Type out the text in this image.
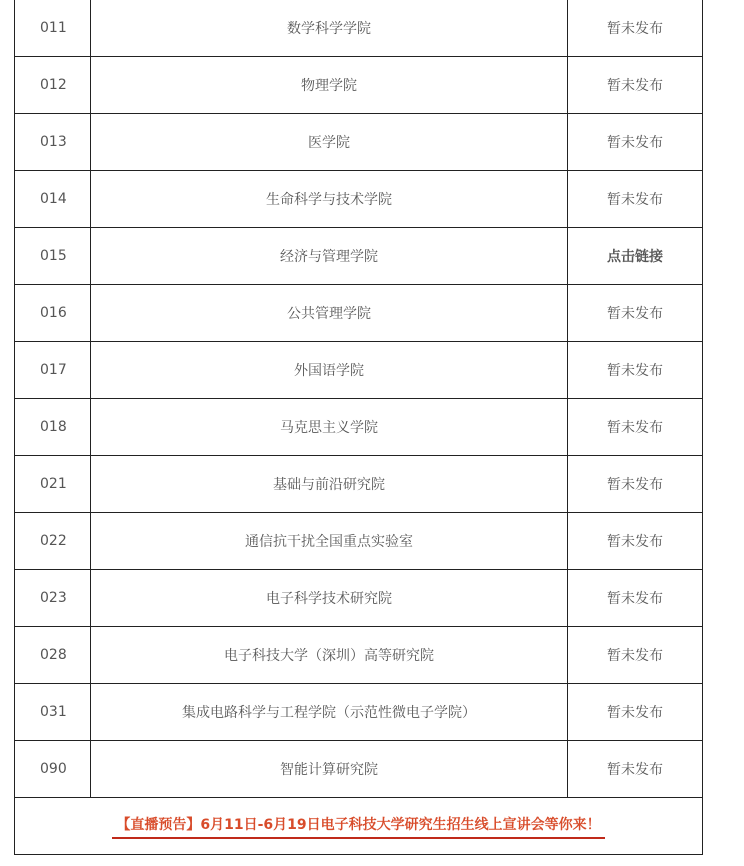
011	数学科学学院	暂未发布
012	物理学院	暂未发布
013	医学院	暂未发布
014	生命科学与技术学院	暂未发布
015	经济与管理学院	点击链接
016	公共管理学院	暂未发布
017	外国语学院	暂未发布
018	马克思主义学院	暂未发布
021	基础与前沿研究院	暂未发布
022	通信抗干扰全国重点实验室	暂未发布
023	电子科学技术研究院	暂未发布
028	电子科技大学（深圳）高等研究院	暂未发布
031	集成电路科学与工程学院（示范性微电子学院）	暂未发布
090	智能计算研究院	暂未发布
【直播预告】6月11日-6月19日电子科技大学研究生招生线上宣讲会等你来！		
